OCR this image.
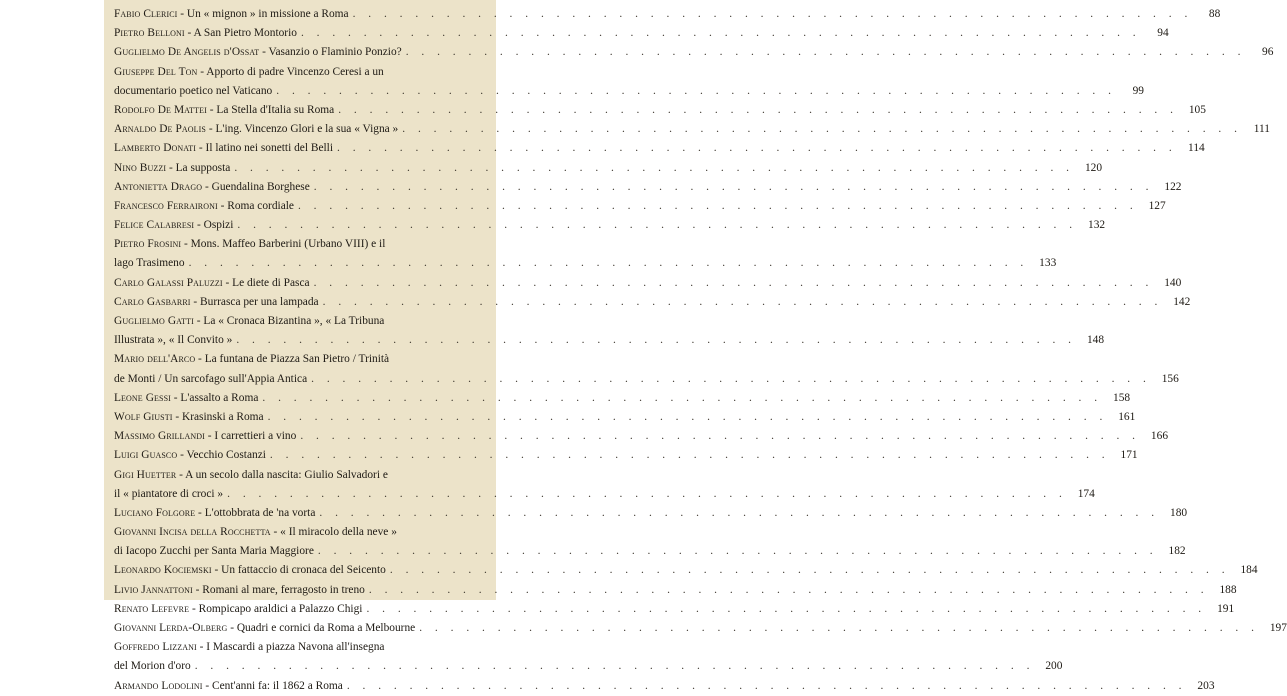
Fabio Clerici - Un « mignon » in missione a Roma . . .	88
Pietro Belloni - A San Pietro Montorio . . .	94
Guglielmo De Angelis d'Ossat - Vasanzio o Flaminio Ponzio? . . .	96
Giuseppe Del Ton - Apporto di padre Vincenzo Ceresi a un
documentario poetico nel Vaticano . . .	99
Rodolfo De Mattei - La Stella d'Italia su Roma . . .	105
Arnaldo De Paolis - L'ing. Vincenzo Glori e la sua « Vigna » . . .	111
Lamberto Donati - Il latino nei sonetti del Belli . . .	114
Nino Buzzi - La supposta . . .	120
Antonietta Drago - Guendalina Borghese . . .	122
Francesco Ferraironi - Roma cordiale . . .	127
Felice Calabresi - Ospizi . . .	132
Pietro Frosini - Mons. Maffeo Barberini (Urbano VIII) e il
lago Trasimeno . . .	133
Carlo Galassi Paluzzi - Le diete di Pasca . . .	140
Carlo Gasbarri - Burrasca per una lampada . . .	142
Guglielmo Gatti - La « Cronaca Bizantina », « La Tribuna
Illustrata », « Il Convito » . . .	148
Mario dell'Arco - La funtana de Piazza San Pietro / Trinità
de Monti / Un sarcofago sull'Appia Antica . . .	156
Leone Gessi - L'assalto a Roma . . .	158
Wolf Giusti - Krasinski a Roma . . .	161
Massimo Grillandi - I carrettieri a vino . . .	166
Luigi Guasco - Vecchio Costanzi . . .	171
Gigi Huetter - A un secolo dalla nascita: Giulio Salvadori e
il « piantatore di croci » . . .	174
Luciano Folgore - L'ottobbrata de 'na vorta . . .	180
Giovanni Incisa della Rocchetta - « Il miracolo della neve »
di Iacopo Zucchi per Santa Maria Maggiore . . .	182
Leonardo Kociemski - Un fattaccio di cronaca del Seicento . . .	184
Livio Jannattoni - Romani al mare, ferragosto in treno . . .	188
Renato Lefevre - Rompicapo araldici a Palazzo Chigi . . .	191
Giovanni Lerda-Olberg - Quadri e cornici da Roma a Melbourne . . .	197
Goffredo Lizzani - I Mascardi a piazza Navona all'insegna
del Morion d'oro . . .	200
Armando Lodolini - Cent'anni fa: il 1862 a Roma . . .	203
